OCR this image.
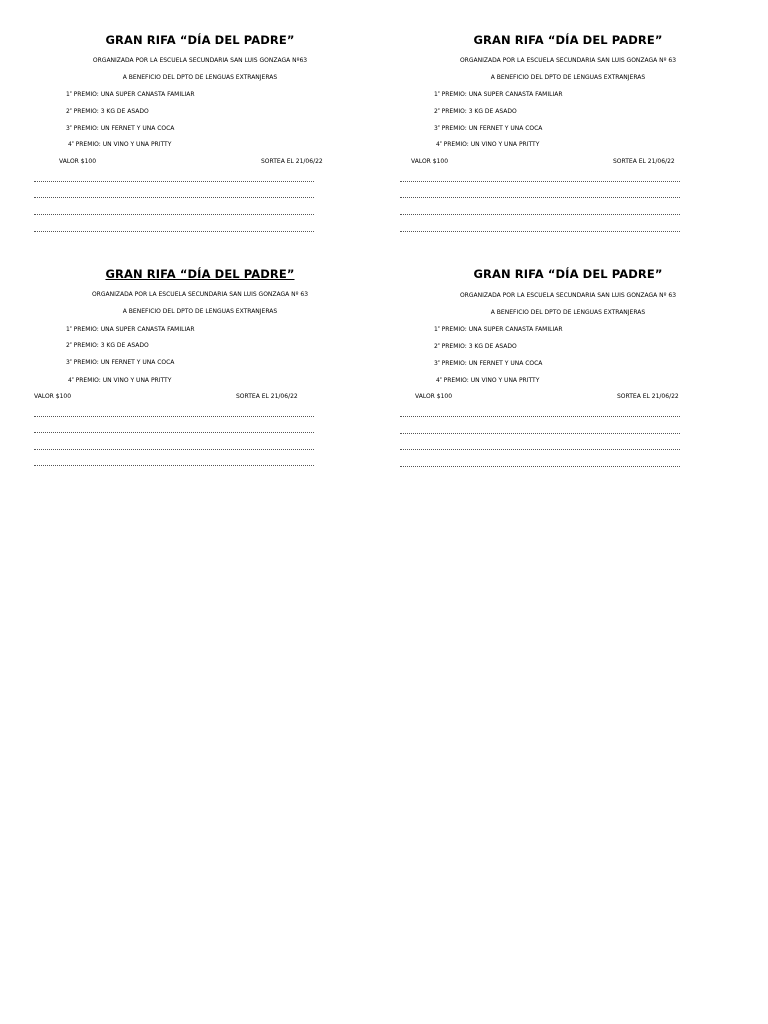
GRAN RIFA “DÍA DEL PADRE”
ORGANIZADA POR LA ESCUELA SECUNDARIA SAN LUIS GONZAGA Nº63
A BENEFICIO DEL DPTO DE LENGUAS EXTRANJERAS
$1^º$ PREMIO: UNA SUPER CANASTA FAMILIAR
$2^º$ PREMIO: 3 KG DE ASADO
$3^º$ PREMIO: UN FERNET Y UNA COCA
$4^º$ PREMIO: UN VINO Y UNA PRITTY
VALOR $100	SORTEA EL 21/06/22
GRAN RIFA “DÍA DEL PADRE”
ORGANIZADA POR LA ESCUELA SECUNDARIA SAN LUIS GONZAGA Nº 63
A BENEFICIO DEL DPTO DE LENGUAS EXTRANJERAS
$1^º$ PREMIO: UNA SUPER CANASTA FAMILIAR
$2^º$ PREMIO: 3 KG DE ASADO
$3^º$ PREMIO: UN FERNET Y UNA COCA
$4^º$ PREMIO: UN VINO Y UNA PRITTY
VALOR $100	SORTEA EL 21/06/22
GRAN RIFA “DÍA DEL PADRE”
ORGANIZADA POR LA ESCUELA SECUNDARIA SAN LUIS GONZAGA Nº 63
A BENEFICIO DEL DPTO DE LENGUAS EXTRANJERAS
$1^º$ PREMIO: UNA SUPER CANASTA FAMILIAR
$2^º$ PREMIO: 3 KG DE ASADO
$3^º$ PREMIO: UN FERNET Y UNA COCA
$4^º$ PREMIO: UN VINO Y UNA PRITTY
VALOR $100	SORTEA EL 21/06/22
GRAN RIFA “DÍA DEL PADRE”
ORGANIZADA POR LA ESCUELA SECUNDARIA SAN LUIS GONZAGA Nº 63
A BENEFICIO DEL DPTO DE LENGUAS EXTRANJERAS
$1^º$ PREMIO: UNA SUPER CANASTA FAMILIAR
$2^º$ PREMIO: 3 KG DE ASADO
$3^º$ PREMIO: UN FERNET Y UNA COCA
$4^º$ PREMIO: UN VINO Y UNA PRITTY
VALOR $100	SORTEA EL 21/06/22
